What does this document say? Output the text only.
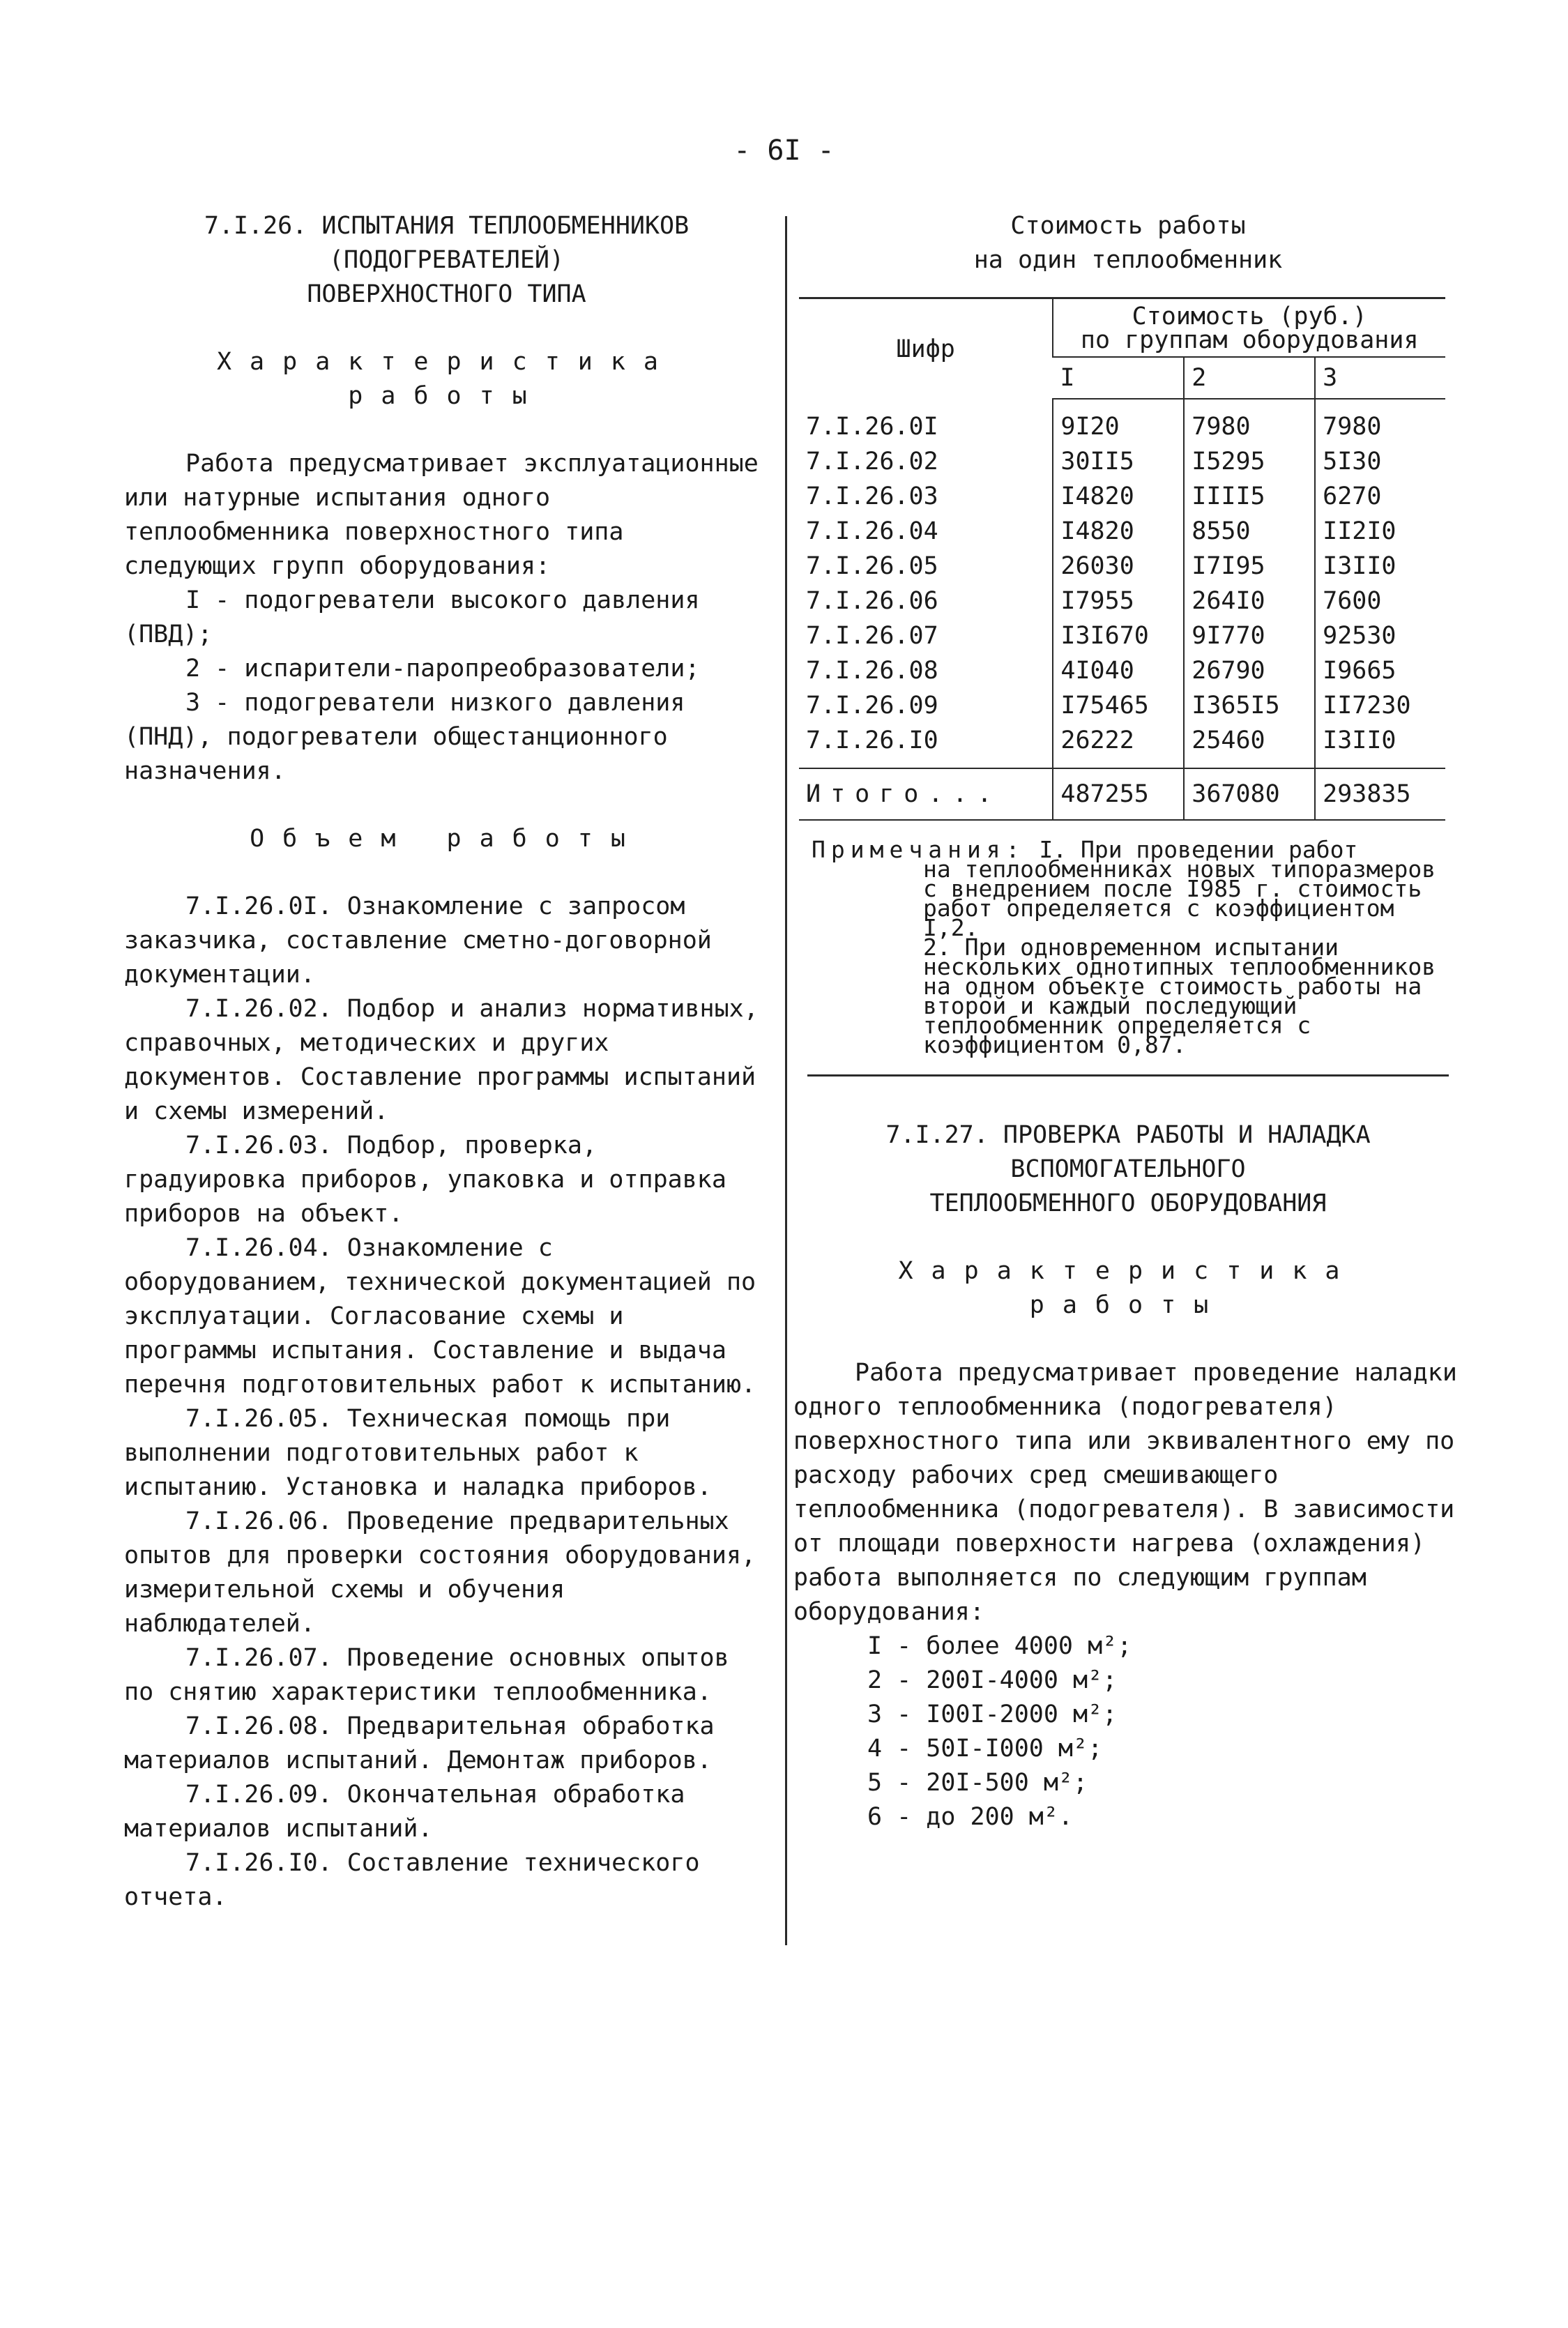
- 6I -
7.I.26. ИСПЫТАНИЯ ТЕПЛООБМЕННИКОВ
(ПОДОГРЕВАТЕЛЕЙ)
ПОВЕРХНОСТНОГО ТИПА
Характеристика
работы

Работа предусматривает эксплуатационные или натурные испытания одного теплообменника поверхностного типа следующих групп оборудования:

I - подогреватели высокого давления (ПВД);

2 - испарители-паропреобразователи;

3 - подогреватели низкого давления (ПНД), подогреватели общестанционного назначения.

Объем работы

7.I.26.0I. Ознакомление с запросом заказчика, составление сметно-договорной документации.

7.I.26.02. Подбор и анализ нормативных, справочных, методических и других документов. Составление программы испытаний и схемы измерений.

7.I.26.03. Подбор, проверка, градуировка приборов, упаковка и отправка приборов на объект.

7.I.26.04. Ознакомление с оборудованием, технической документацией по эксплуатации. Согласование схемы и программы испытания. Составление и выдача перечня подготовительных работ к испытанию.

7.I.26.05. Техническая помощь при выполнении подготовительных работ к испытанию. Установка и наладка приборов.

7.I.26.06. Проведение предварительных опытов для проверки состояния оборудования, измерительной схемы и обучения наблюдателей.

7.I.26.07. Проведение основных опытов по снятию характеристики теплообменника.

7.I.26.08. Предварительная обработка материалов испытаний. Демонтаж приборов.

7.I.26.09. Окончательная обработка материалов испытаний.

7.I.26.I0. Составление технического отчета.

Стоимость работы
на один теплообменник
Шифр	Стоимость (руб.)
по группам оборудования		

	I	2	3

7.I.26.0I	9I20	7980	7980
7.I.26.02	30II5	I5295	5I30
7.I.26.03	I4820	IIII5	6270
7.I.26.04	I4820	8550	II2I0
7.I.26.05	26030	I7I95	I3II0
7.I.26.06	I7955	264I0	7600
7.I.26.07	I3I670	9I770	92530
7.I.26.08	4I040	26790	I9665
7.I.26.09	I75465	I365I5	II7230
7.I.26.I0	26222	25460	I3II0

Итого...	487255	367080	293835

Примечания: I. При проведении работ

на теплообменниках новых типоразмеров с внедрением после I985 г. стоимость работ определяется с коэффициентом I,2.

2. При одновременном испытании нескольких однотипных теплообменников на одном объекте стоимость работы на второй и каждый последующий теплообменник определяется с коэффициентом 0,87.

7.I.27. ПРОВЕРКА РАБОТЫ И НАЛАДКА
ВСПОМОГАТЕЛЬНОГО
ТЕПЛООБМЕННОГО ОБОРУДОВАНИЯ
Характеристика
работы

Работа предусматривает проведение наладки одного теплообменника (подогревателя) поверхностного типа или эквивалентного ему по расходу рабочих сред смешивающего теплообменника (подогревателя). В зависимости от площади поверхности нагрева (охлаждения) работа выполняется по следующим группам оборудования:

I - более 4000 м²;

2 - 200I-4000 м²;

3 - I00I-2000 м²;

4 - 50I-I000 м²;

5 - 20I-500 м²;

6 - до 200 м².
